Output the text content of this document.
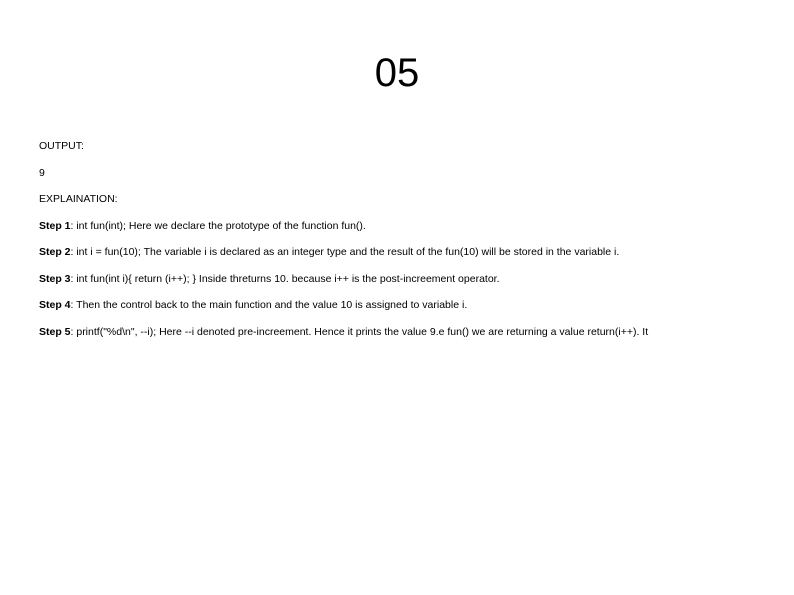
05

OUTPUT:

9

EXPLAINATION:

Step 1: int fun(int); Here we declare the prototype of the function fun().

Step 2: int i = fun(10); The variable i is declared as an integer type and the result of the fun(10) will be stored in the variable i.

Step 3: int fun(int i){ return (i++); } Inside threturns 10. because i++ is the post-increement operator.

Step 4: Then the control back to the main function and the value 10 is assigned to variable i.

Step 5: printf("%d\n", --i); Here --i denoted pre-increement. Hence it prints the value 9.e fun() we are returning a value return(i++). It
